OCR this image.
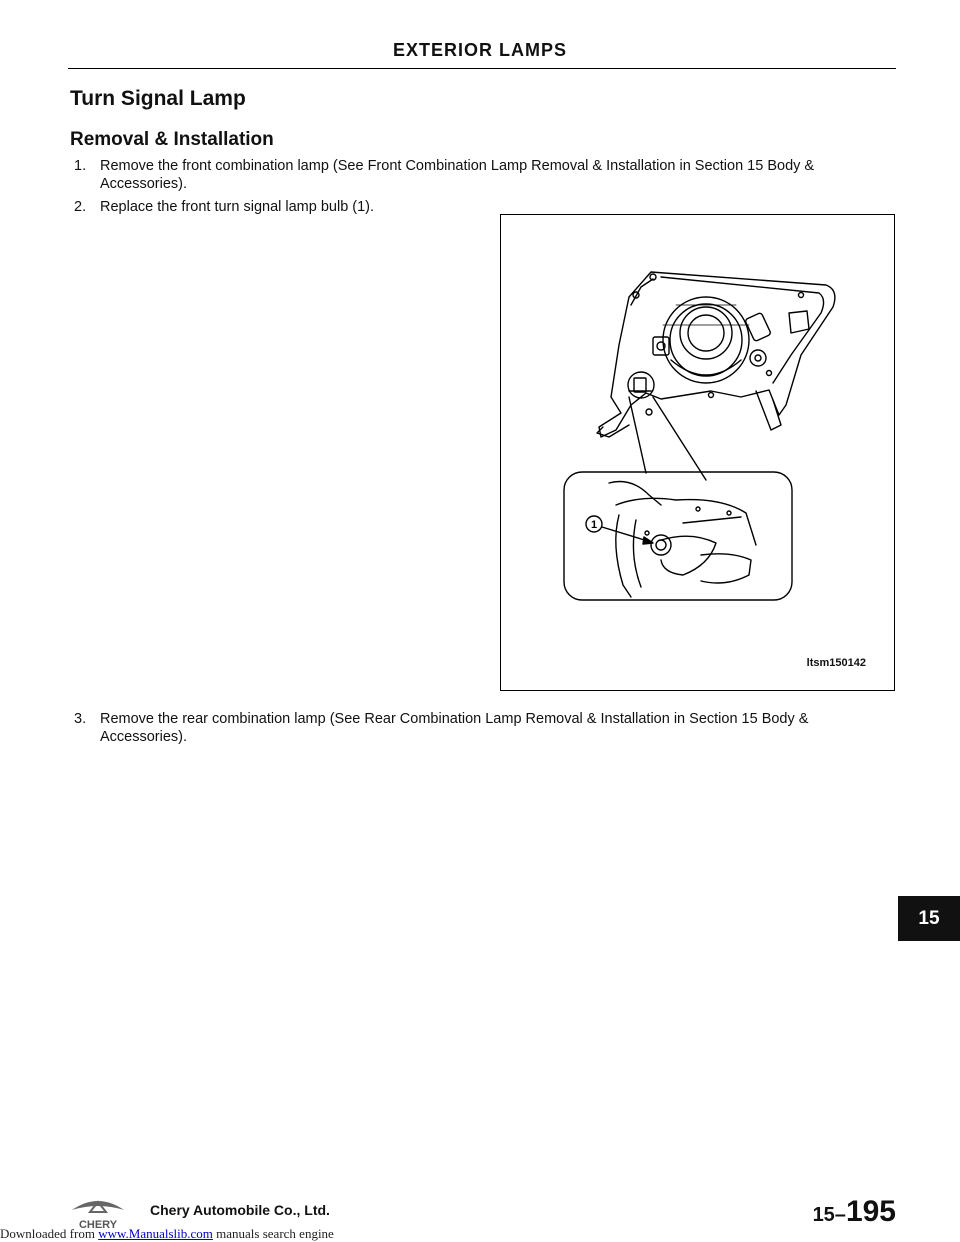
EXTERIOR LAMPS
Turn Signal Lamp
Removal & Installation
1. Remove the front combination lamp (See Front Combination Lamp Removal & Installation in Section 15 Body &
Accessories).
2. Replace the front turn signal lamp bulb (1).
1
ltsm150142
3. Remove the rear combination lamp (See Rear Combination Lamp Removal & Installation in Section 15 Body &
Accessories).
15
CHERY
Chery Automobile Co., Ltd.	15–195
Downloaded from www.Manualslib.com manuals search engine
